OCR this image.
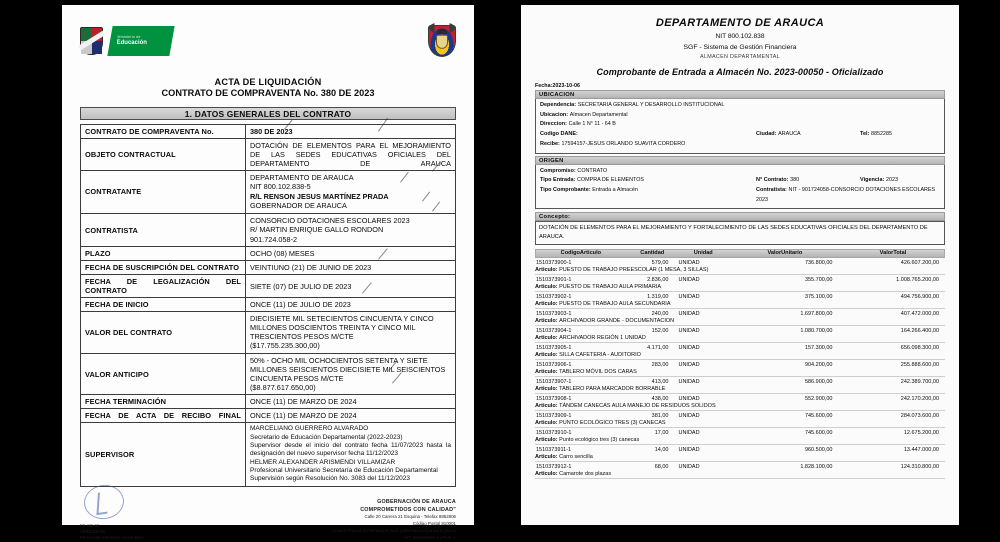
Ministerio de
Educación
ACTA DE LIQUIDACIÓN
CONTRATO DE COMPRAVENTA No. 380 DE 2023
1. DATOS GENERALES DEL CONTRATO
CONTRATO DE COMPRAVENTA No.	380 DE 2023
OBJETO CONTRACTUAL	DOTACIÓN DE ELEMENTOS PARA EL MEJORAMIENTO DE LAS SEDES EDUCATIVAS OFICIALES DEL DEPARTAMENTO DE ARAUCA
CONTRATANTE	DEPARTAMENTO DE ARAUCA
NIT 800.102.838-5
R/L RENSON JESUS MARTÍNEZ PRADA
GOBERNADOR DE ARAUCA

CONTRATISTA	CONSORCIO DOTACIONES ESCOLARES 2023
R/ MARTIN ENRIQUE GALLO RONDON
901.724.058-2

PLAZO	OCHO (08) MESES
FECHA DE SUSCRIPCIÓN DEL CONTRATO	VEINTIUNO (21) DE JUNIO DE 2023
FECHA DE LEGALIZACIÓN DEL CONTRATO	SIETE (07) DE JULIO DE 2023
FECHA DE INICIO	ONCE (11) DE JULIO DE 2023
VALOR DEL CONTRATO	DIECISIETE MIL SETECIENTOS CINCUENTA Y CINCO MILLONES DOSCIENTOS TREINTA Y CINCO MIL TRESCIENTOS PESOS M/CTE
($17.755.235.300,00)

VALOR ANTICIPO	50% - OCHO MIL OCHOCIENTOS SETENTA Y SIETE MILLONES SEISCIENTOS DIECISIETE MIL SEISCIENTOS CINCUENTA PESOS M/CTE
($8.877.617.650,00)

FECHA TERMINACIÓN	ONCE (11) DE MARZO DE 2024
FECHA DE ACTA DE RECIBO FINAL	ONCE (11) DE MARZO DE 2024
SUPERVISOR	
MARCELIANO GUERRERO ALVARADO
Secretario de Educación Departamental (2022-2023)
Supervisor desde el inicio del contrato fecha 11/07/2023 hasta la designación del nuevo supervisor fecha 11/12/2023
HELMER ALEXANDER ARISMENDI VILLAMIZAR
Profesional Universitario Secretaría de Educación Departamental
Supervisión según Resolución No. 3083 del 11/12/2023
FR-CC-02
VERSIÓN 03
FECHA DE EMISIÓN: 04-02-2024
GOBERNACIÓN DE ARAUCA
COMPROMETIDOS CON CALIDAD"
Calle 20 Carrera 21 Esquina - Telefax 8852806
Código Postal 810001
Arauca-Arauca (Colombia) E-mail: gobernacion@arauca.gov.co
NIT: 800102838-1 | PAG. 1
DEPARTAMENTO DE ARAUCA
NIT 800.102.838
SGF - Sistema de Gestión Financiera
ALMACEN DEPARTAMENTAL
Comprobante de Entrada a Almacén No. 2023-00050 - Oficializado
Fecha:2023-10-06
UBICACION
Dependencia: SECRETARIA GENERAL Y DESARROLLO INSTITUCIONAL
Ubicacion: Almacen Departamental
Direccion: Calle 1 N° 11 - 64 B
Codigo DANE:	Ciudad: ARAUCA	Tel: 8852285
Recibe: 17594157-JESUS ORLANDO SUAVITA CORDERO
ORIGEN
Compromiso: CONTRATO
Tipo Entrada: COMPRA DE ELEMENTOS	N° Contrato: 380	Vigencia: 2023
Tipo Comprobante: Entrada a Almacén	Contratista: NIT - 901724058-CONSORCIO DOTACIONES ESCOLARES 2023
Concepto:
DOTACIÓN DE ELEMENTOS PARA EL MEJORAMIENTO Y FORTALECIMIENTO DE LAS SEDES EDUCATIVAS OFICIALES DEL DEPARTAMENTO DE ARAUCA.
CodigoArticulo	Cantidad	Unidad	ValorUnitario	ValorTotal
1510373900-1	579,00	UNIDAD	736.800,00	426.607.200,00
Articulo: PUESTO DE TRABAJO PREESCOLAR (1 MESA, 3 SILLAS)
1510373901-1	2.836,00	UNIDAD	355.700,00	1.008.765.200,00
Articulo: PUESTO DE TRABAJO AULA PRIMARIA
1510373902-1	1.319,00	UNIDAD	375.100,00	494.756.900,00
Articulo: PUESTO DE TRABAJO AULA SECUNDARIA
1510373903-1	240,00	UNIDAD	1.697.800,00	407.472.000,00
Articulo: ARCHIVADOR GRANDE - DOCUMENTACION
1510373904-1	152,00	UNIDAD	1.080.700,00	164.266.400,00
Articulo: ARCHIVADOR REGIÓN 1 UNIDAD
1510373905-1	4.171,00	UNIDAD	157.300,00	656.098.300,00
Articulo: SILLA CAFETERIA - AUDITORIO
1510373906-1	283,00	UNIDAD	904.200,00	255.888.600,00
Articulo: TABLERO MÓVIL DOS CARAS
1510373907-1	413,00	UNIDAD	586.900,00	242.389.700,00
Articulo: TABLERO PARA MARCADOR BORRABLE
1510373908-1	438,00	UNIDAD	552.900,00	242.170.200,00
Articulo: TÁNDEM CANECAS AULA MANEJO DE RESIDUOS SOLIDOS
1510373909-1	381,00	UNIDAD	745.600,00	284.073.600,00
Articulo: PUNTO ECOLÓGICO TRES (3) CANECAS
1510373910-1	17,00	UNIDAD	745.600,00	12.675.200,00
Articulo: Punto ecológico tres (3) canecas
1510373911-1	14,00	UNIDAD	960.500,00	13.447.000,00
Articulo: Carro sencilla
1510373912-1	68,00	UNIDAD	1.828.100,00	124.310.800,00
Articulo: Camarote dos plazas
